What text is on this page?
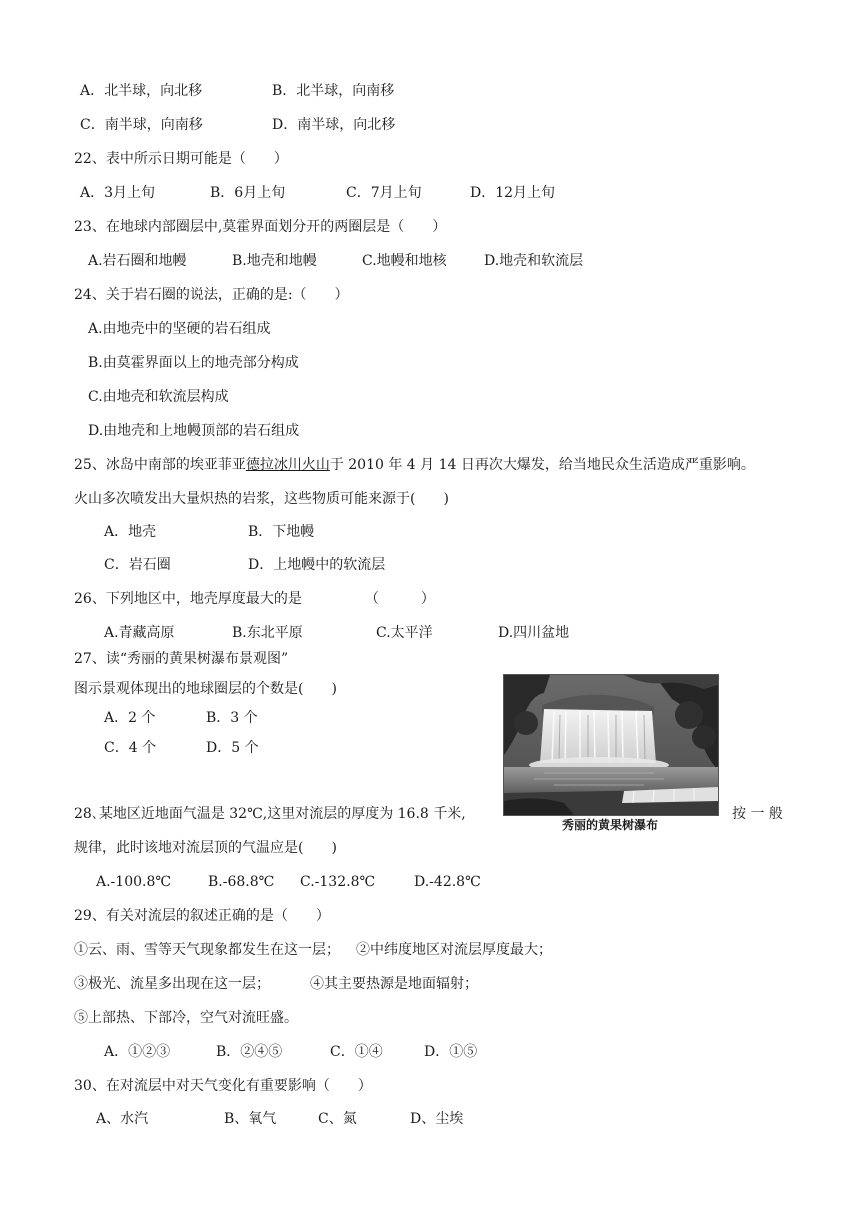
A．北半球，向北移	B．北半球，向南移
C．南半球，向南移	D．南半球，向北移
22、表中所示日期可能是（　　）
A．3月上旬	B．6月上旬	C．7月上旬	D．12月上旬
23、在地球内部圈层中,莫霍界面划分开的两圈层是（　　）
A.岩石圈和地幔	B.地壳和地幔	C.地幔和地核	D.地壳和软流层
24、关于岩石圈的说法，正确的是:（　　）
A.由地壳中的坚硬的岩石组成
B.由莫霍界面以上的地壳部分构成
C.由地壳和软流层构成
D.由地壳和上地幔顶部的岩石组成
25、冰岛中南部的埃亚菲亚德拉冰川火山于 2010 年 4 月 14 日再次大爆发，给当地民众生活造成严重影响。
火山多次喷发出大量炽热的岩浆，这些物质可能来源于(　　)
A．地壳	B．下地幔
C．岩石圈	D．上地幔中的软流层
26、下列地区中，地壳厚度最大的是　　　　　（　　　）
A.青藏高原	B.东北平原	C.太平洋	D.四川盆地
27、读“秀丽的黄果树瀑布景观图”
图示景观体现出的地球圈层的个数是(　　)
A．2 个	B．3 个
C．4 个	D．5 个
秀丽的黄果树瀑布
28､某地区近地面气温是 32℃,这里对流层的厚度为 16.8 千米,	按 一 般
规律，此时该地对流层顶的气温应是(　　)
A.-100.8℃	B.-68.8℃ C.-132.8℃	D.-42.8℃
29、有关对流层的叙述正确的是（　　）
①云、雨、雪等天气现象都发生在这一层； ②中纬度地区对流层厚度最大；
③极光、流星多出现在这一层；	④其主要热源是地面辐射；
⑤上部热、下部冷，空气对流旺盛。
A．①②③	B．②④⑤	C．①④	D．①⑤
30、在对流层中对天气变化有重要影响（　　）
A、水汽	B、氧气	C、氮	D、尘埃
